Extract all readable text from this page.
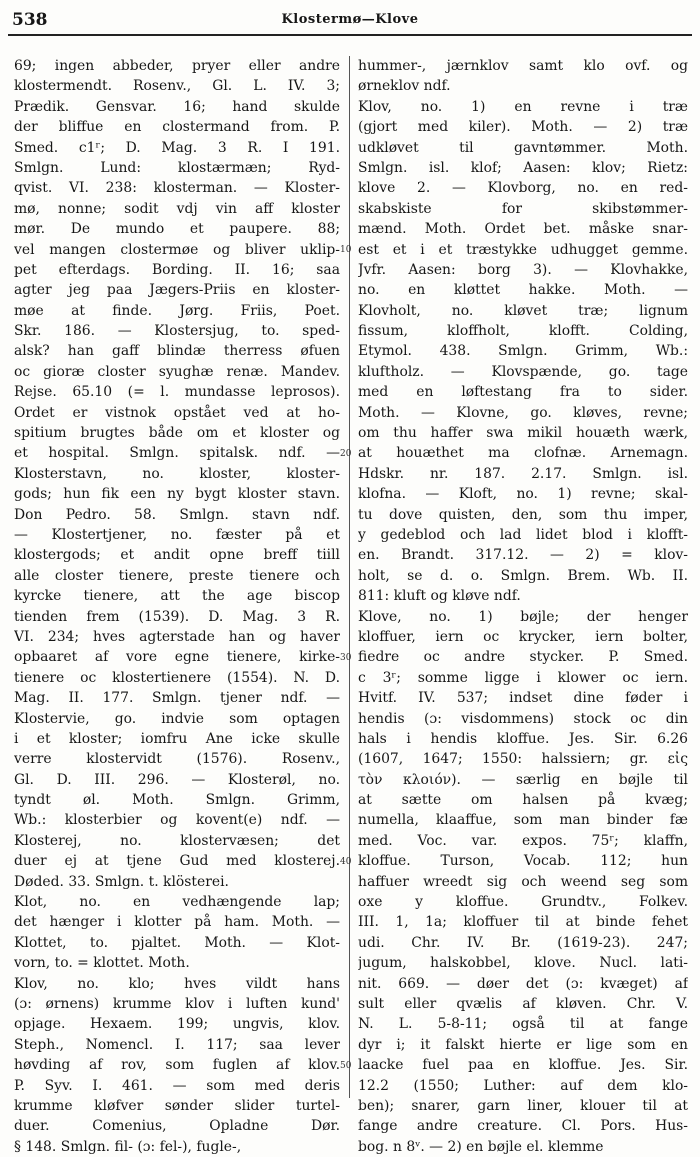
538	Klostermø—Klove
69; ingen abbeder, pryer eller andre
klostermendt. Rosenv., Gl. L. IV. 3;
Prædik. Gensvar. 16; hand skulde
der bliffue en clostermand from. P.
Smed. c1ʳ; D. Mag. 3 R. I 191.
Smlgn. Lund: klostærmæn; Ryd-
qvist. VI. 238: klosterman. — Kloster-
mø, nonne; sodit vdj vin aff kloster
mør. De mundo et paupere. 88;
vel mangen clostermøe og bliver uklip-
pet efterdags. Bording. II. 16; saa
agter jeg paa Jægers-Priis en kloster-
møe at finde. Jørg. Friis, Poet.
Skr. 186. — Klostersjug, to. sped-
alsk? han gaff blindæ therress øfuen
oc gioræ closter syughæ renæ. Mandev.
Rejse. 65.10 (= l. mundasse leprosos).
Ordet er vistnok opstået ved at ho-
spitium brugtes både om et kloster og
et hospital. Smlgn. spitalsk. ndf. —
Klosterstavn, no. kloster, kloster-
gods; hun fik een ny bygt kloster stavn.
Don Pedro. 58. Smlgn. stavn ndf.
— Klostertjener, no. fæster på et
klostergods; et andit opne breff tiill
alle closter tienere, preste tienere och
kyrcke tienere, att the age biscop
tienden frem (1539). D. Mag. 3 R.
VI. 234; hves agterstade han og haver
opbaaret af vore egne tienere, kirke-
tienere oc klostertienere (1554). N. D.
Mag. II. 177. Smlgn. tjener ndf. —
Klostervie, go. indvie som optagen
i et kloster; iomfru Ane icke skulle
verre klostervidt (1576). Rosenv.,
Gl. D. III. 296. — Klosterøl, no.
tyndt øl. Moth. Smlgn. Grimm,
Wb.: klosterbier og kovent(e) ndf. —
Klosterej, no. klostervæsen; det
duer ej at tjene Gud med klosterej.
Døded. 33. Smlgn. t. klösterei.
Klot, no. en vedhængende lap;
det hænger i klotter på ham. Moth. —
Klottet, to. pjaltet. Moth. — Klot-
vorn, to. = klottet. Moth.
Klov, no. klo; hves vildt hans
(ɔ: ørnens) krumme klov i luften kund'
opjage. Hexaem. 199; ungvis, klov.
Steph., Nomencl. I. 117; saa lever
høvding af rov, som fuglen af klov.
P. Syv. I. 461. — som med deris
krumme kløfver sønder slider turtel-
duer. Comenius, Opladne Dør.
§ 148. Smlgn. fil- (ɔ: fel-), fugle-,
hummer-, jærnklov samt klo ovf. og
ørneklov ndf.
Klov, no. 1) en revne i træ
(gjort med kiler). Moth. — 2) træ
udkløvet til gavntømmer. Moth.
Smlgn. isl. klof; Aasen: klov; Rietz:
klove 2. — Klovborg, no. en red-
skabskiste for skibstømmer-
mænd. Moth. Ordet bet. måske snar-
est et i et træstykke udhugget gemme.
Jvfr. Aasen: borg 3). — Klovhakke,
no. en kløttet hakke. Moth. —
Klovholt, no. kløvet træ; lignum
fissum, kloffholt, klofft. Colding,
Etymol. 438. Smlgn. Grimm, Wb.:
kluftholz. — Klovspænde, go. tage
med en løftestang fra to sider.
Moth. — Klovne, go. kløves, revne;
om thu haffer swa mikil houæth wærk,
at houæthet ma clofnæ. Arnemagn.
Hdskr. nr. 187. 2.17. Smlgn. isl.
klofna. — Kloft, no. 1) revne; skal-
tu dove quisten, den, som thu imper,
y gedeblod och lad lidet blod i klofft-
en. Brandt. 317.12. — 2) = klov-
holt, se d. o. Smlgn. Brem. Wb. II.
811: kluft og kløve ndf.
Klove, no. 1) bøjle; der henger
kloffuer, iern oc krycker, iern bolter,
fiedre oc andre stycker. P. Smed.
c 3ʳ; somme ligge i klower oc iern.
Hvitf. IV. 537; indset dine føder i
hendis (ɔ: visdommens) stock oc din
hals i hendis kloffue. Jes. Sir. 6.26
(1607, 1647; 1550: halssiern; gr. εἰς
τὸν κλοιόν). — særlig en bøjle til
at sætte om halsen på kvæg;
numella, klaaffue, som man binder fæ
med. Voc. var. expos. 75ʳ; klaffn,
kloffue. Turson, Vocab. 112; hun
haffuer wreedt sig och weend seg som
oxe y kloffue. Grundtv., Folkev.
III. 1, 1a; kloffuer til at binde fehet
udi. Chr. IV. Br. (1619-23). 247;
jugum, halskobbel, klove. Nucl. lati-
nit. 669. — døer det (ɔ: kvæget) af
sult eller qvælis af kløven. Chr. V.
N. L. 5-8-11; også til at fange
dyr i; it falskt hierte er lige som en
laacke fuel paa en kloffue. Jes. Sir.
12.2 (1550; Luther: auf dem klo-
ben); snarer, garn liner, klouer til at
fange andre creature. Cl. Pors. Hus-
bog. n 8ᵛ. — 2) en bøjle el. klemme
10
20
30
40
50
